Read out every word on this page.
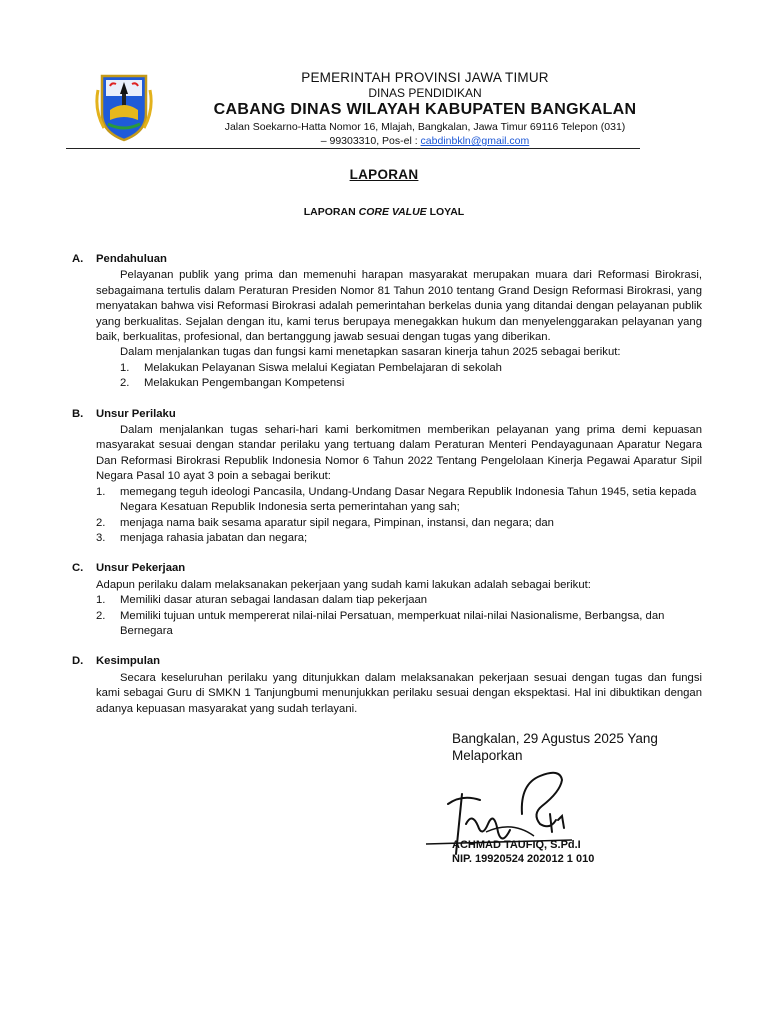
PEMERINTAH PROVINSI JAWA TIMUR
DINAS PENDIDIKAN
CABANG DINAS WILAYAH KABUPATEN BANGKALAN
Jalan Soekarno-Hatta Nomor 16, Mlajah, Bangkalan, Jawa Timur 69116 Telepon (031)
– 99303310, Pos-el : cabdinbkln@gmail.com
LAPORAN
LAPORAN CORE VALUE LOYAL
A.	Pendahuluan

Pelayanan publik yang prima dan memenuhi harapan masyarakat merupakan muara dari Reformasi Birokrasi, sebagaimana tertulis dalam Peraturan Presiden Nomor 81 Tahun 2010 tentang Grand Design Reformasi Birokrasi, yang menyatakan bahwa visi Reformasi Birokrasi adalah pemerintahan berkelas dunia yang ditandai dengan pelayanan publik yang berkualitas. Sejalan dengan itu, kami terus berupaya menegakkan hukum dan menyelenggarakan pelayanan yang baik, berkualitas, profesional, dan bertanggung jawab sesuai dengan tugas yang diberikan.

Dalam menjalankan tugas dan fungsi kami menetapkan sasaran kinerja tahun 2025 sebagai berikut:

1.	Melakukan Pelayanan Siswa melalui Kegiatan Pembelajaran di sekolah
2.	Melakukan Pengembangan Kompetensi
B.	Unsur Perilaku

Dalam menjalankan tugas sehari-hari kami berkomitmen memberikan pelayanan yang prima demi kepuasan masyarakat sesuai dengan standar perilaku yang tertuang dalam Peraturan Menteri Pendayagunaan Aparatur Negara Dan Reformasi Birokrasi Republik Indonesia Nomor 6 Tahun 2022 Tentang Pengelolaan Kinerja Pegawai Aparatur Sipil Negara Pasal 10 ayat 3 poin a sebagai berikut:

1.	memegang teguh ideologi Pancasila, Undang-Undang Dasar Negara Republik Indonesia Tahun 1945, setia kepada Negara Kesatuan Republik Indonesia serta pemerintahan yang sah;
2.	menjaga nama baik sesama aparatur sipil negara, Pimpinan, instansi, dan negara; dan
3.	menjaga rahasia jabatan dan negara;
C.	Unsur Pekerjaan

Adapun perilaku dalam melaksanakan pekerjaan yang sudah kami lakukan adalah sebagai berikut:

1.	Memiliki dasar aturan sebagai landasan dalam tiap pekerjaan
2.	Memiliki tujuan untuk mempererat nilai-nilai Persatuan, memperkuat nilai-nilai Nasionalisme, Berbangsa, dan Bernegara
D.	Kesimpulan

Secara keseluruhan perilaku yang ditunjukkan dalam melaksanakan pekerjaan sesuai dengan tugas dan fungsi kami sebagai Guru di SMKN 1 Tanjungbumi menunjukkan perilaku sesuai dengan ekspektasi. Hal ini dibuktikan dengan adanya kepuasan masyarakat yang sudah terlayani.

Bangkalan, 29 Agustus 2025 Yang Melaporkan
ACHMAD TAUFIQ, S.Pd.I
NIP. 19920524 202012 1 010
